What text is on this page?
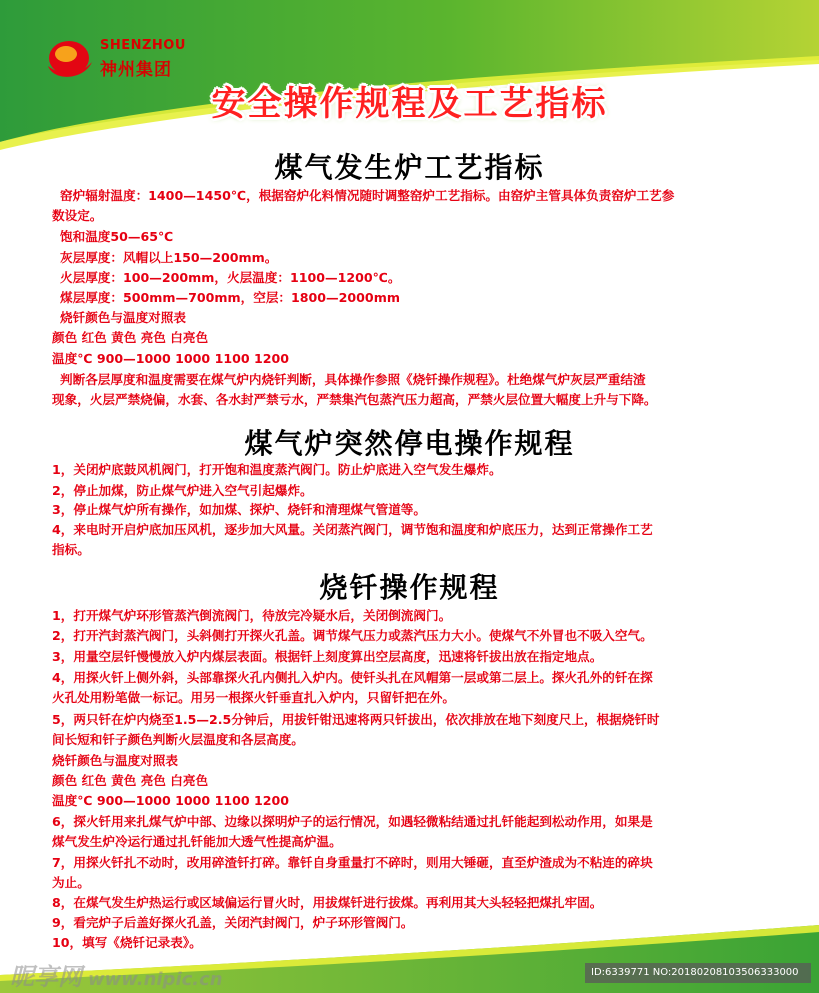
SHENZHOU
神州集团
安全操作规程及工艺指标
煤气发生炉工艺指标
窑炉辐射温度：1400—1450℃，根据窑炉化料情况随时调整窑炉工艺指标。由窑炉主管具体负责窑炉工艺参
数设定。
饱和温度50—65℃
灰层厚度：风帽以上150—200mm。
火层厚度：100—200mm，火层温度：1100—1200℃。
煤层厚度：500mm—700mm，空层：1800—2000mm
烧钎颜色与温度对照表
颜色 红色 黄色 亮色 白亮色
温度℃ 900—1000 1000 1100 1200
判断各层厚度和温度需要在煤气炉内烧钎判断，具体操作参照《烧钎操作规程》。杜绝煤气炉灰层严重结渣
现象，火层严禁烧偏，水套、各水封严禁亏水，严禁集汽包蒸汽压力超高，严禁火层位置大幅度上升与下降。
煤气炉突然停电操作规程
1，关闭炉底鼓风机阀门，打开饱和温度蒸汽阀门。防止炉底进入空气发生爆炸。
2，停止加煤，防止煤气炉进入空气引起爆炸。
3，停止煤气炉所有操作，如加煤、探炉、烧钎和清理煤气管道等。
4，来电时开启炉底加压风机，逐步加大风量。关闭蒸汽阀门，调节饱和温度和炉底压力，达到正常操作工艺
指标。
烧钎操作规程
1，打开煤气炉环形管蒸汽倒流阀门，待放完冷疑水后，关闭倒流阀门。
2，打开汽封蒸汽阀门，头斜侧打开探火孔盖。调节煤气压力或蒸汽压力大小。使煤气不外冒也不吸入空气。
3，用量空层钎慢慢放入炉内煤层表面。根据钎上刻度算出空层高度，迅速将钎拔出放在指定地点。
4，用探火钎上侧外斜，头部靠探火孔内侧扎入炉内。使钎头扎在风帽第一层或第二层上。探火孔外的钎在探
火孔处用粉笔做一标记。用另一根探火钎垂直扎入炉内，只留钎把在外。
5，两只钎在炉内烧至1.5—2.5分钟后，用拔钎钳迅速将两只钎拔出，依次排放在地下刻度尺上，根据烧钎时
间长短和钎子颜色判断火层温度和各层高度。
烧钎颜色与温度对照表
颜色 红色 黄色 亮色 白亮色
温度℃ 900—1000 1000 1100 1200
6，探火钎用来扎煤气炉中部、边缘以探明炉子的运行情况，如遇轻微粘结通过扎钎能起到松动作用，如果是
煤气发生炉冷运行通过扎钎能加大透气性提高炉温。
7，用探火钎扎不动时，改用碎渣钎打碎。靠钎自身重量打不碎时，则用大锤砸，直至炉渣成为不粘连的碎块
为止。
8，在煤气发生炉热运行或区域偏运行冒火时，用拔煤钎进行拔煤。再利用其大头轻轻把煤扎牢固。
9，看完炉子后盖好探火孔盖，关闭汽封阀门，炉子环形管阀门。
10，填写《烧钎记录表》。
昵享网 www.nipic.cn	ID:6339771 NO:20180208103506333000
